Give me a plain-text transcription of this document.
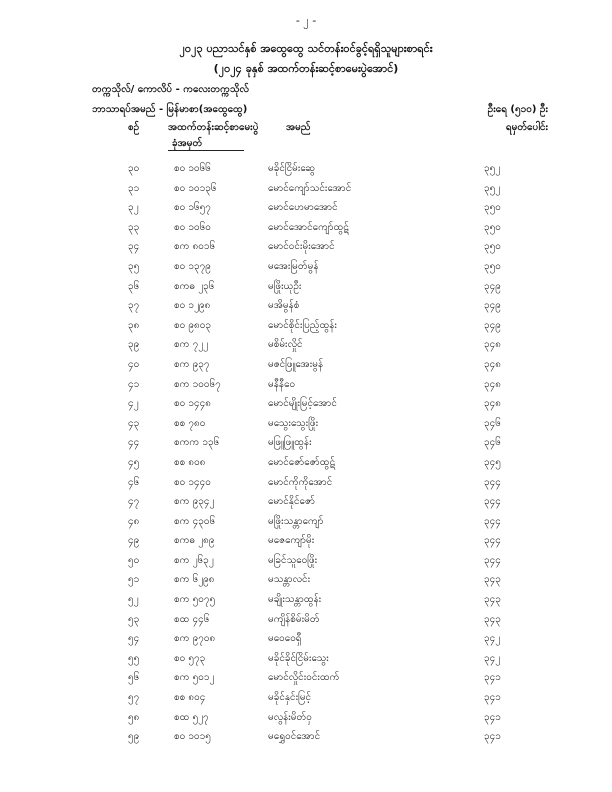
- ၂ -
၂၀၂၃ ပညာသင်နှစ် အထွေထွေ သင်တန်းဝင်ခွင့်ရရှိသူများစာရင်း
(၂၀၂၄ ခုနှစ် အထက်တန်းဆင့်စာမေးပွဲအောင်)
တက္ကသိုလ်/ ကောလိပ် - ကလေးတက္ကသိုလ်
ဘာသာရပ်အမည် - မြန်မာစာ(အထွေထွေ)	ဦးရေ (၅၁၀) ဦး
စဉ်	အထက်တန်းဆင့်စာမေးပွဲ
ခုံအမှတ်
အမည်	ရမှတ်ပေါင်း
၃၀	စဝ ၁၀၆၆	မခိုင်ငြိမ်းဆွေ	၃၅၂
၃၁	စဝ ၁၀၁၃၆	မောင်ကျော်သင်းအောင်	၃၅၂
၃၂	စဝ ၁၆၅၇	မောင်ဟေမာအောင်	၃၅၀
၃၃	စဝ ၁၀၆၀	မောင်အောင်ကျော်ထွဋ်	၃၅၀
၃၄	စက ၈၀၁၆	မောင်ဝင်းမိုးအောင်	၃၅၀
၃၅	စဝ ၁၃၇၉	မအေးမြတ်မွန်	၃၅၀
၃၆	စကဓ ၂၃၆	မဖြိုးယုဦး	၃၄၉
၃၇	စဝ ၁၂၉၈	မအိမွန်စံ	၃၄၉
၃၈	စဝ ၉၈၀၃	မောင်စိုင်းပြည့်ထွန်း	၃၄၉
၃၉	စက ၇၂၂	မစိမ်းလှိုင်	၃၄၈
၄၀	စက ၉၃၇	မဇင်ဖြူအေးမွန်	၃၄၈
၄၁	စက ၁၀၀၆၇	မနီနီဝေ	၃၄၈
၄၂	စဝ ၁၄၄၈	မောင်မျိုးမြင့်အောင်	၃၄၈
၄၃	စစ ၇၈၀	မသွေးသွေးဖြိုး	၃၄၆
၄၄	စကက ၁၃၆	မဖြူဖြူထွန်း	၃၄၆
၄၅	စစ ၈၀၈	မောင်ဇော်ဇော်ထွဋ်	၃၄၅
၄၆	စဝ ၁၄၄၀	မောင်ကိုကိုအောင်	၃၄၄
၄၇	စက ၉၃၄၂	မောင်နိုင်ဇော်	၃၄၄
၄၈	စက ၄၃၀၆	မဖြိုးသန္တာကျော်	၃၄၄
၄၉	စကဓ ၂၈၉	မဇေကျော်မိုး	၃၄၄
၅၀	စက ၂၆၃၂	မခြင်သူဝေဖြိုး	၃၄၄
၅၁	စက ၆၂၉၈	မသန္တာလင်း	၃၄၃
၅၂	စက ၅၀၇၅	မချိုးသန္တာထွန်း	၃၄၃
၅၃	စထ ၄၄၆	မကျိန်စိမ်းမိတ်	၃၄၃
၅၄	စက ၉၇၀၈	မဝေဝေရှီ	၃၄၂
၅၅	စဝ ၅၇၃	မခိုင်ခိုင်ငြိမ်းသွေး	၃၄၂
၅၆	စက ၅၀၁၂	မောင်လှိုင်းဝင်းထက်	၃၄၁
၅၇	စစ ၈၀၄	မခိုင်နှင်းမြင့်	၃၄၁
၅၈	စထ ၅၂၇	မလွန်းမိတ်ဝှ	၃၄၁
၅၉	စဝ ၁၀၁၅	မရွှေဝင်အောင်	၃၄၁
